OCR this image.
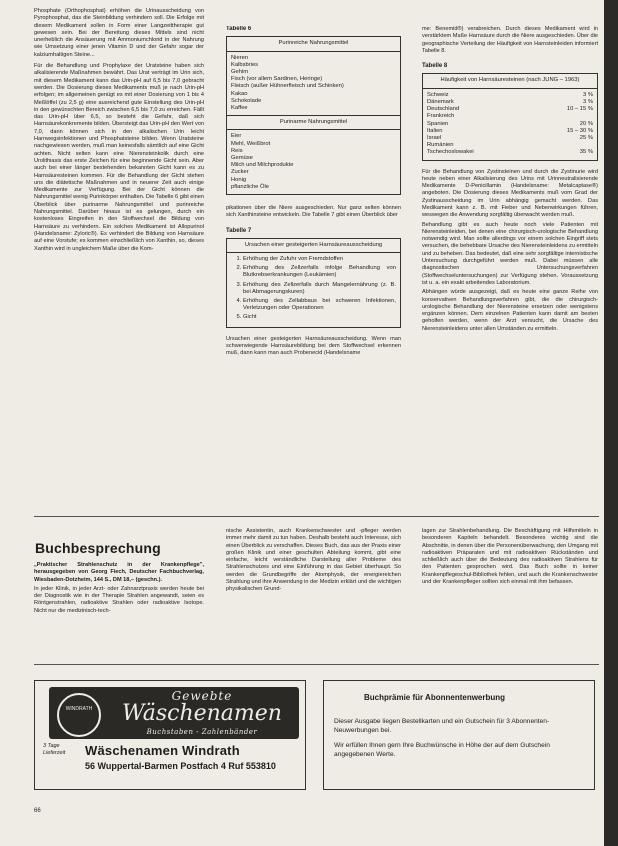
Phosphate (Orthophosphat) erhöhen die Urinausscheidung von Pyrophosphat, das die Steinbildung verhindern soll. Die Erfolge mit diesem Medikament sollen in Form einer Langzeittherapie gut gewesen sein. Bei der Bereitung dieses Mittels sind nicht unerheblich die Ansäuerung mit Ammoniumchlorid in der Nahrung wie Umsetzung einer jenen Vitamin D und der Gefahr sogar der kalziumhaltigen Steine...

Für die Behandlung und Prophylaxe der Uratsteine haben sich alkalisierende Maßnahmen bewährt. Das Urat verträgt im Urin sich, mit diesem Medikament kann das Urin-pH auf 6,5 bis 7,0 gebracht werden. Die Dosierung dieses Medikaments muß je nach Urin-pH erfolgen; im allgemeinen genügt es mit einer Dosierung von 1 bis 4 Meßlöffel (zu 2,5 g) eine ausreichend gute Einstellung des Urin-pH in den gewünschten Bereich zwischen 6,5 bis 7,0 zu erreichen. Fällt das Urin-pH über 6,5, so besteht die Gefahr, daß sich Harnsäurekonkremente bilden. Übersteigt das Urin-pH den Wert von 7,0, dann können sich in den alkalischen Urin leicht Harnwegsinfektionen und Phosphatsteine bilden. Wenn Uratsteine nachgewiesen werden, muß man keinesfalls sämtlich auf eine Gicht achten. Nicht selten kann eine Nierensteinkolik durch eine Urolithiasis das erste Zeichen für eine beginnende Gicht sein. Aber auch bei einer länger bestehenden bekannten Gicht kann es zu Harnsäuresteinen kommen. Für die Behandlung der Gicht stehen uns die diätetische Maßnahmen und in neuerer Zeit auch einige Medikamente zur Verfügung. Bei der Gicht können die Nahrungsmittel wenig Purinkörper enthalten. Die Tabelle 6 gibt einen Überblick über purinarme Nahrungsmittel und purinreiche Nahrungsmittel. Darüber hinaus ist es gelungen, durch ein kostenloses Eingreifen in den Stoffwechsel die Bildung von Harnsäure zu verhindern. Ein solches Medikament ist Allopurinol (Handelsname: Zyloric®). Es verhindert die Bildung von Harnsäure auf eine Vorstufe; es kommen einschließlich von Xanthin, so, dieses Xanthin wird in ungleichem Maße über die Kom-

Tabelle 6
Purinreiche Nahrungsmittel
Nieren
Kalbsbries
Gehirn
Fisch (vor allem Sardinen, Heringe)
Fleisch (außer Hühnerfleisch und Schinken)
Kakao
Schokolade
Kaffee
Purinarme Nahrungsmittel
Eier
Mehl, Weißbrot
Reis
Gemüse
Milch und Milchprodukte
Zucker
Honig
pflanzliche Öle

pikationen über die Niere ausgeschieden. Nur ganz selten können sich Xanthinsteine entwickeln. Die Tabelle 7 gibt einen Überblick über

Tabelle 7
Ursachen einer gesteigerten Harnsäureausscheidung
1. Erhöhung der Zufuhr von Fremdstoffen
2. Erhöhung des Zellzerfalls infolge Behandlung von Blutkrebserkrankungen (Leukämien)
3. Erhöhung des Zellzerfalls durch Mangelernährung (z. B. bei Abmagerungskuren)
4. Erhöhung des Zellabbaus bei schweren Infektionen, Verletzungen oder Operationen
5. Gicht

Ursachen einer gesteigerten Harnsäureausscheidung. Wenn man schwerwiegende Harnsäurebildung bei dem Stoffwechsel erkennen muß, dann kann man auch Probenecid (Handelsname

me: Benemid®) verabreichen. Durch dieses Medikament wird in verstärktem Maße Harnsäure durch die Niere ausgeschieden. Über die geographische Verteilung der Häufigkeit von Harnsteinleiden informiert Tabelle 8.

Tabelle 8
Häufigkeit von Harnsäuresteinen (nach JUNG – 1963)
Schweiz	3 %
Dänemark	3 %
Deutschland	10 – 15 %
Frankreich
Spanien	20 %
Italien	15 – 30 %
Israel	25 %
Rumänien
Tschechoslowakei	35 %

Für die Behandlung von Zystinsteinen und durch die Zystinurie wird heute neben einer Alkalisierung des Urins mit Urinneutralisierende Medikamente D-Penicillamin (Handelsname: Metalcaptase®) angeboten. Die Dosierung dieses Medikaments muß vom Grad der Zystinausscheidung im Urin abhängig gemacht werden. Das Medikament kann z. B. mit Fieber und Nebenwirkungen führen, weswegen die Anwendung sorgfältig überwacht werden muß.

Behandlung gibt es auch heute noch viele Patienten mit Nierensteinleiden, bei denen eine chirurgisch-urologische Behandlung notwendig wird. Man sollte allerdings vor einem solchen Eingriff stets versuchen, die behebbare Ursache des Nierensteinleidens zu ermitteln und zu beheben. Das bedeutet, daß eine sehr sorgfältige internistische Untersuchung durchgeführt werden muß. Dabei müssen alle diagnostischen Untersuchungsverfahren (Stoffwechseluntersuchungen) zur Verfügung stehen. Voraussetzung ist u. a. ein exakt arbeitendes Laboratorium.

Abhängen würde ausgezeigt, daß es heute eine ganze Reihe von konservativen Behandlungsverfahren gibt, die die chirurgisch-urologische Behandlung der Nierensteine ersetzen oder wenigstens ergänzen können. Dem einzelnen Patienten kann damit am besten geholfen werden, wenn der Arzt versucht, die Ursache des Nierensteinleidens unter allen Umständen zu ermitteln.

Buchbesprechung

„Praktischer Strahlenschutz in der Krankenpflege", herausgegeben von Georg Fiech, Deutscher Fachbuchverlag, Wiesbaden-Dotzheim, 144 S., DM 18,– (geschn.).

In jeder Klinik, in jeder Arzt- oder Zahnarztpraxis werden heute bei der Diagnostik wie in der Therapie Strahlen angewandt, seien es Röntgenstrahlen, radioaktive Strahlen oder radioaktive Isotope. Nicht nur die medizinisch-tech-

nische Assistentin, auch Krankenschwester und -pfleger werden immer mehr damit zu tun haben. Deshalb besteht auch Interesse, sich einen Überblick zu verschaffen. Dieses Buch, das aus der Praxis einer großen Klinik und einer geschulten Abteilung kommt, gibt eine einfache, leicht verständliche Darstellung aller Probleme des Strahlenschutzes und eine Einführung in das Gebiet überhaupt. So werden die Grundbegriffe der Atomphysik, der energiereichen Strahlung und ihre Anwendung in der Medizin erklärt und die wichtigen physikalischen Grund-

lagen zur Strahlenbehandlung. Die Beschäftigung mit Hilfsmitteln in besonderen Kapiteln behandelt. Besonderes wichtig sind die Abschnitte, in denen über die Personenüberwachung, den Umgang mit radioaktiven Präparaten und mit radioaktiven Rückständen und schließlich auch über die Bedeutung des radioaktiven Strahlens für den Patienten gesprochen wird. Das Buch sollte in keiner Krankenpflegeschul-Bibliothek fehlen, und auch die Krankenschwester und der Krankenpfleger sollten sich einmal mit ihm befassen.

WINDRATH
Gewebte
Wäschenamen
Buchstaben - Zahlenbänder
3 Tage Lieferzeit	Wäschenamen Windrath
56 Wuppertal-Barmen Postfach 4 Ruf 553810
Buchprämie für Abonnentenwerbung
Dieser Ausgabe liegen Bestellkarten und ein Gutschein für 3 Abonnenten-Neuwerbungen bei.
Wir erfüllen Ihnen gern Ihre Buchwünsche in Höhe der auf dem Gutschein angegebenen Werte.
66
